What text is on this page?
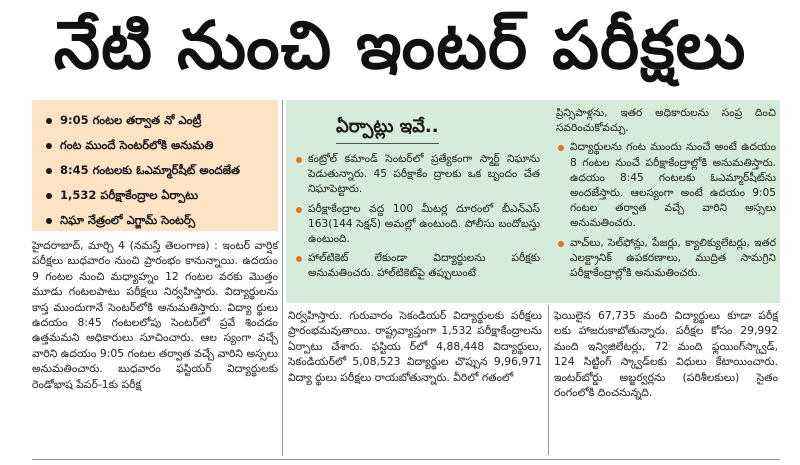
నేటి నుంచి ఇంటర్ పరీక్షలు
9:05 గంటల తర్వాత నో ఎంట్రీ
గంట ముందే సెంటర్‌లోకి అనుమతి
8:45 గంటలకు ఓఎమ్మార్‌షీట్ అందజేత
1,532 పరీక్షాకేంద్రాల ఏర్పాటు
నిఘా నేత్రంలో ఎగ్జామ్ సెంటర్స్

హైదరాబాద్, మార్చి 4 (నమస్తే తెలంగాణ) : ఇంటర్ వార్షిక పరీక్షలు బుధవారం నుంచి ప్రారంభం కానున్నాయి. ఉదయం 9 గంటల నుంచి మధ్యాహ్నం 12 గంటల వరకు మొత్తం మూడు గంటలపాటు పరీక్షలు నిర్వహిస్తారు. విద్యార్థులను కాస్త ముందుగానే సెంటర్‌లోకి అనుమతిస్తారు. విద్యా ర్థులు ఉదయం 8:45 గంటలలోపు సెంటర్‌లో ప్రవే శించడం ఉత్తమమని అధికారులు సూచించారు. ఆల స్యంగా వచ్చే వారిని ఉదయం 9:05 గంటల తర్వాత వచ్చే వారిని అస్సలు అనుమతించారు. బుధవారం ఫస్టియర్ విద్యార్థులకు రెండోభాష పేపర్-1కు పరీక్ష

ఏర్పాట్లు ఇవే..
కంట్రోల్ కమాండ్ సెంటర్‌లో ప్రత్యేకంగా స్మార్ట్ నిఘాను పెడుతున్నారు. 45 పరీక్షాకేం ద్రాలకు ఒక బృందం చేత నిఘాపెట్టారు.
పరీక్షాకేంద్రాల వద్ద 100 మీటర్ల దూరంలో బీఎన్‌ఎస్ 163(144 సెక్షన్) అమల్లో ఉంటుంది. పోలీసు బందోబస్తు ఉంటుంది.
హాల్‌టికెట్ లేకుండా విద్యార్థులను పరీక్షకు అనుమతించరు. హాల్‌టికెట్‌పై తప్పులుంటే
ప్రిన్సిపాళ్లను, ఇతర అధికారులను సంప్ర దించి సవరించుకోవచ్చు.
విద్యార్థులను గంట ముందు నుంచే అంటే ఉదయం 8 గంటల నుంచే పరీక్షాకేంద్రాల్లోకి అనుమతిస్తారు. ఉదయం 8:45 గంటలకు ఓఎమ్మార్‌షీట్‌ను అందజేస్తారు. ఆలస్యంగా అంటే ఉదయం 9:05 గంటల తర్వాత వచ్చే వారిని అస్సలు అనుమతించరు.
వాచ్‌లు, సెల్‌ఫోన్లు, పేజర్లు, క్యాలిక్యులేటర్లు, ఇతర ఎలక్ట్రానిక్ ఉపకరణాలు, ముద్రిత సామగ్రిని పరీక్షాకేంద్రాల్లోకి అనుమతించరు.

నిర్వహిస్తారు. గురువారం సెకండియర్ విద్యార్థులకు పరీక్షలు ప్రారంభమవుతాయి. రాష్ట్రవ్యాప్తంగా 1,532 పరీక్షాకేంద్రాలను ఏర్పాటు చేశారు. ఫస్టియ ర్‌లో 4,88,448 విద్యార్థులు, సెకండియర్‌లో 5,08,523 విద్యార్థుల చొప్పున 9,96,971 విద్యా ర్థులు పరీక్షలు రాయబోతున్నారు. వీరిలో గతంలో

ఫెయిలైన 67,735 మంది విద్యార్థులు కూడా పరీక్ష లకు హాజరుకాబోతున్నారు. పరీక్షల కోసం 29,992 మంది ఇన్విజిలేటర్లు, 72 మంది ఫ్లయింగ్‌స్క్వాడ్, 124 సిట్టింగ్ స్క్వాడ్‌లకు విధులు కేటాయించారు. ఇంటర్‌బోర్డు అబ్జర్వర్లను (పరిశీలకులు) సైతం రంగంలోకి దించనున్నది.
